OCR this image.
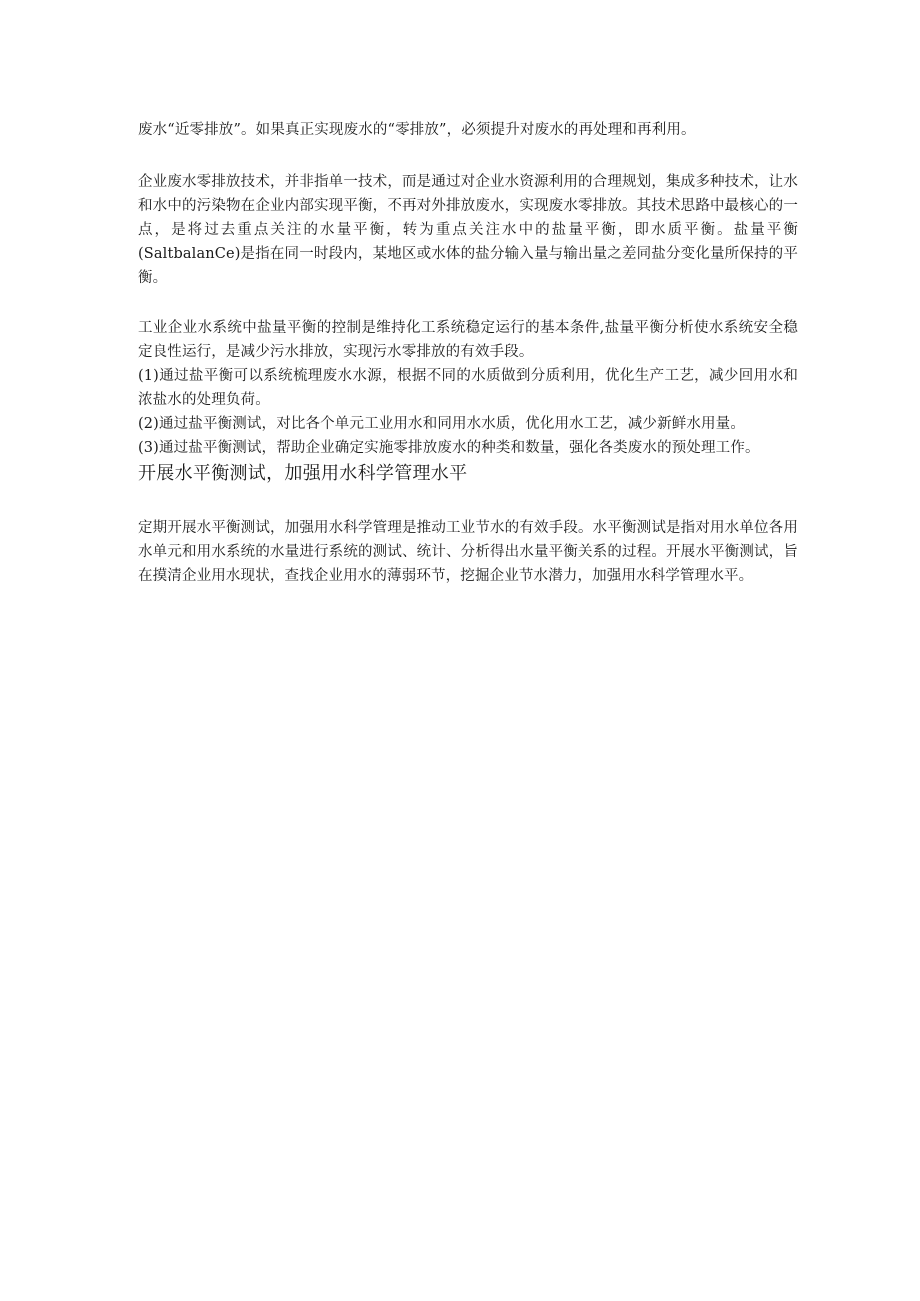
废水“近零排放”。如果真正实现废水的“零排放”，必须提升对废水的再处理和再利用。

企业废水零排放技术，并非指单一技术，而是通过对企业水资源利用的合理规划，集成多种技术，让水和水中的污染物在企业内部实现平衡，不再对外排放废水，实现废水零排放。其技术思路中最核心的一点，是将过去重点关注的水量平衡，转为重点关注水中的盐量平衡，即水质平衡。盐量平衡(SaltbalanCe)是指在同一时段内，某地区或水体的盐分输入量与输出量之差同盐分变化量所保持的平衡。

工业企业水系统中盐量平衡的控制是维持化工系统稳定运行的基本条件,盐量平衡分析使水系统安全稳定良性运行，是减少污水排放，实现污水零排放的有效手段。

(1)通过盐平衡可以系统梳理废水水源，根据不同的水质做到分质利用，优化生产工艺，减少回用水和浓盐水的处理负荷。

(2)通过盐平衡测试，对比各个单元工业用水和同用水水质，优化用水工艺，减少新鲜水用量。

(3)通过盐平衡测试，帮助企业确定实施零排放废水的种类和数量，强化各类废水的预处理工作。

开展水平衡测试，加强用水科学管理水平

定期开展水平衡测试，加强用水科学管理是推动工业节水的有效手段。水平衡测试是指对用水单位各用水单元和用水系统的水量进行系统的测试、统计、分析得出水量平衡关系的过程。开展水平衡测试，旨在摸清企业用水现状，查找企业用水的薄弱环节，挖掘企业节水潜力，加强用水科学管理水平。
